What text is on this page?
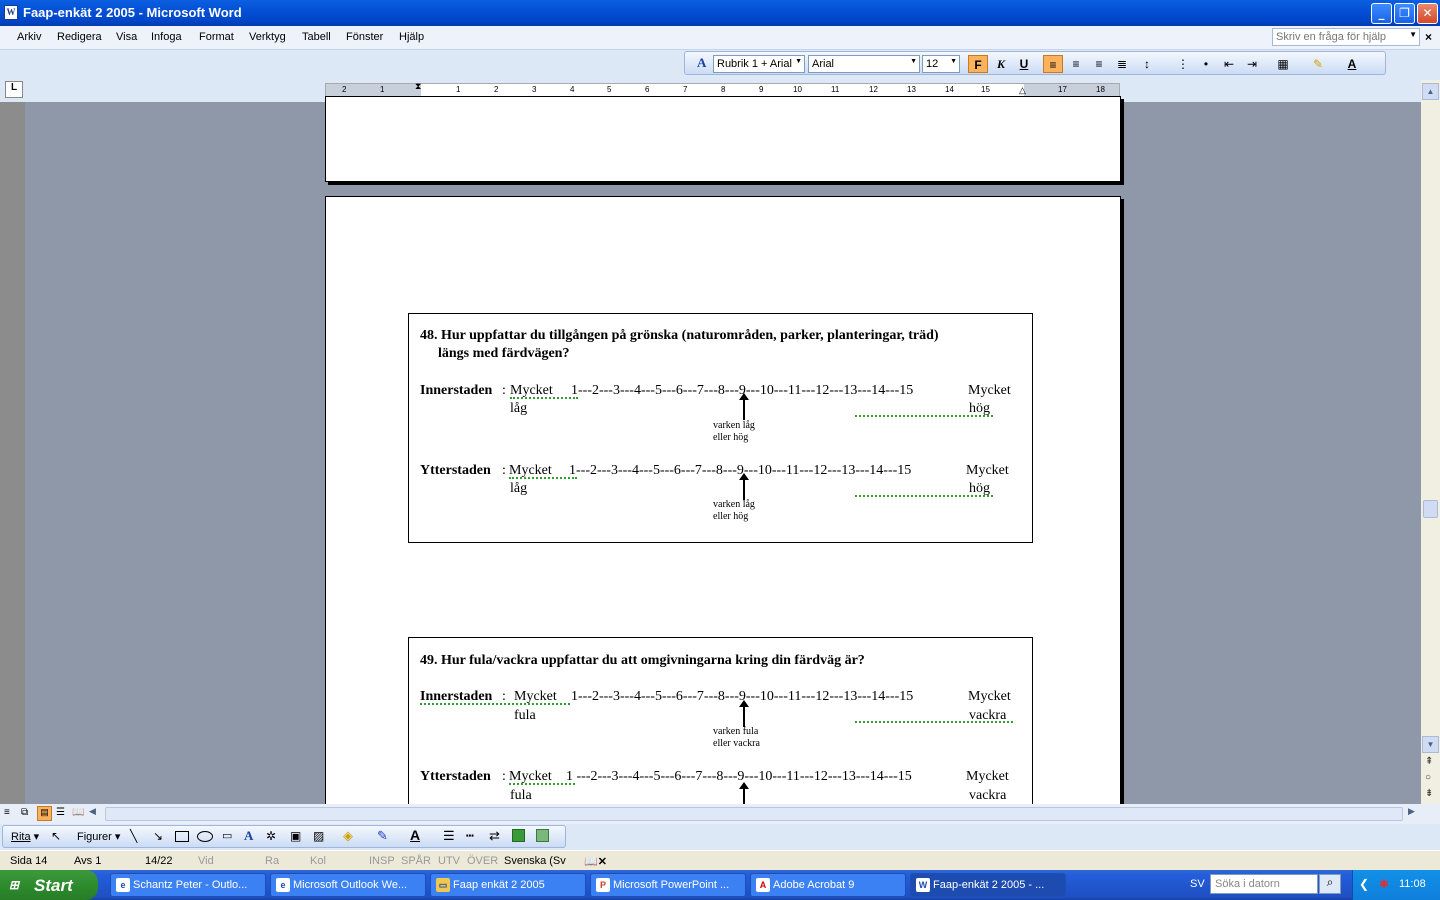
W Faap-enkät 2 2005 - Microsoft Word	_	❐	✕
Arkiv Redigera Visa Infoga Format Verktyg Tabell Fönster Hjälp	Skriv en fråga för hjälp	▼ ×
A Rubrik 1 + Arial ▼ Arial	▼ 12 ▼	F	K	U	≡	≡	≡	≣	↕	⋮	•	⇤	⇥	▦	✎	A
L	2	1	1	2	3	4	5	6	7	8	9	10	11	12	13	14	15	17	18
⧗	△
48. Hur uppfattar du tillgången på grönska (naturområden, parker, planteringar, träd)
längs med färdvägen?
Innerstaden : Mycket
låg
1---2---3---4---5---6---7---8---9---10---11---12---13---14---15	Mycket
hög
varken låg
eller hög
Ytterstaden : Mycket
låg
1---2---3---4---5---6---7---8---9---10---11---12---13---14---15	Mycket
hög
varken låg
eller hög
49. Hur fula/vackra uppfattar du att omgivningarna kring din färdväg är?
Innerstaden : Mycket
fula
1---2---3---4---5---6---7---8---9---10---11---12---13---14---15	Mycket
vackra
varken fula
eller vackra
Ytterstaden : Mycket
fula
1 ---2---3---4---5---6---7---8---9---10---11---12---13---14---15	Mycket
vackra
▲
▼
⇞
○
⇟
≡ ⧉	▤ ☰ 📖 ◀	▶
Rita ▾ ↖ Figurer ▾ ╲ ↘	▭ A ✲ ▣ ▨ ◈ ✎ A ☰ ┅ ⇄
Sida 14 Avs 1	14/22 Vid	Ra	Kol	INSP SPÅR UTV ÖVER Svenska (Sv 📖✕
⊞ Start	e Schantz Peter - Outlo...	e Microsoft Outlook We...	▭ Faap enkät 2 2005	P Microsoft PowerPoint ...	A Adobe Acrobat 9	W Faap-enkät 2 2005 - ...	SV Söka i datorn	⌕	❮ ✱ 11:08
